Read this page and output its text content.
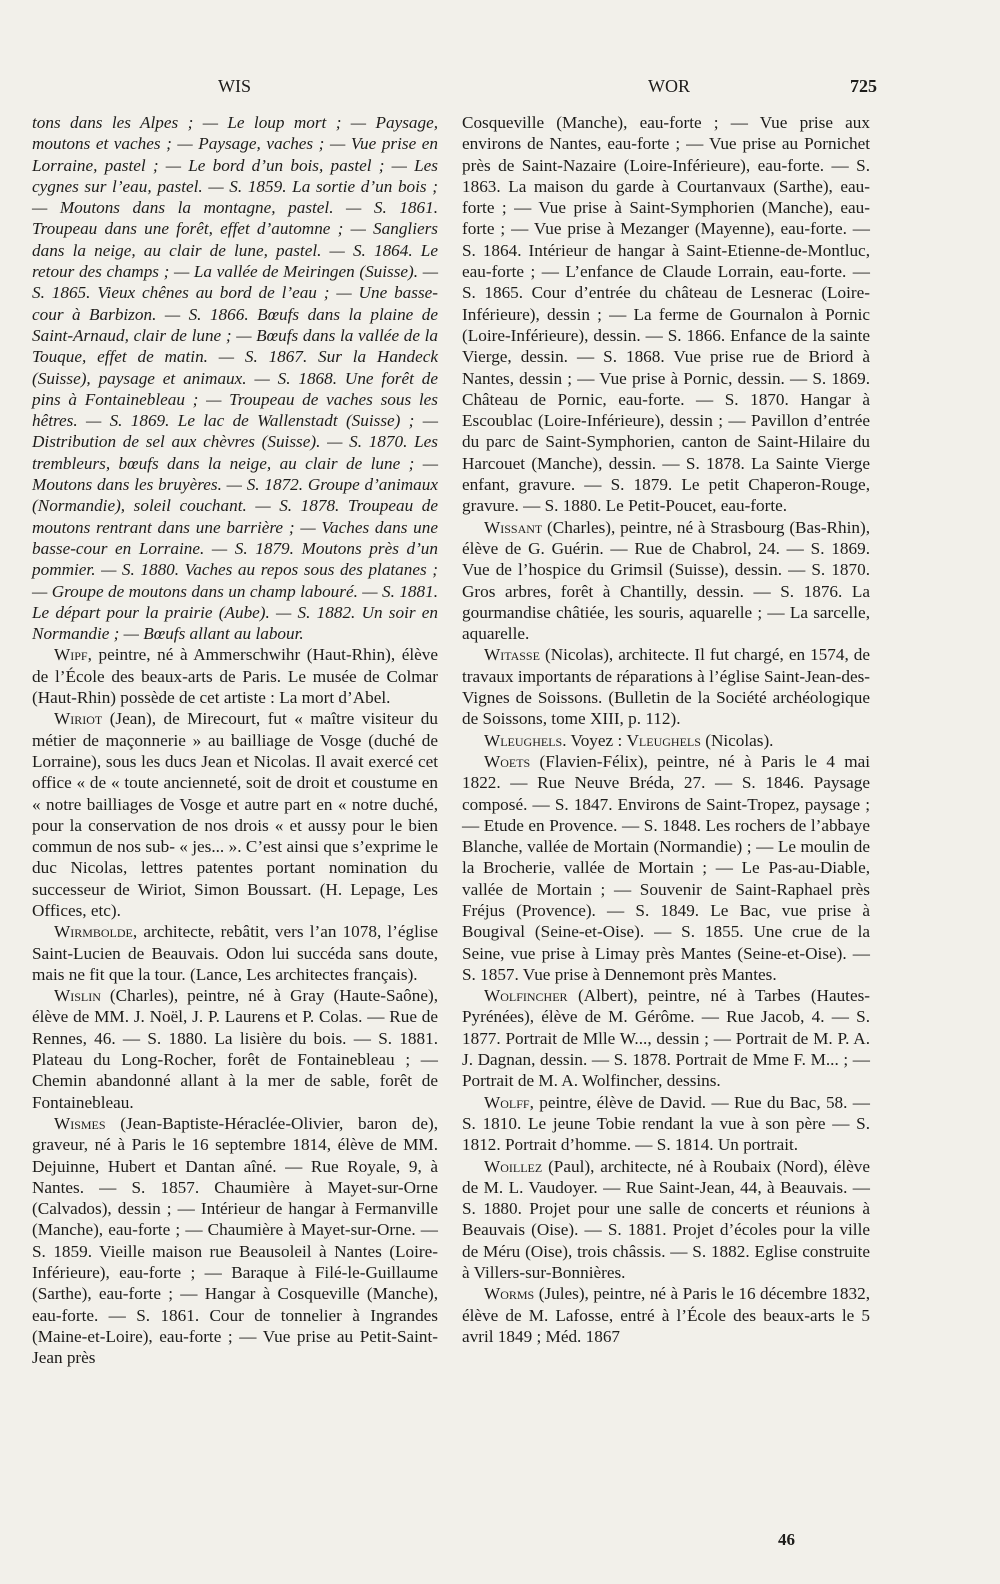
WIS	WOR	725

tons dans les Alpes ; — Le loup mort ; — Paysage, moutons et vaches ; — Paysage, vaches ; — Vue prise en Lorraine, pastel ; — Le bord d’un bois, pastel ; — Les cygnes sur l’eau, pastel. — S. 1859. La sortie d’un bois ; — Moutons dans la montagne, pastel. — S. 1861. Troupeau dans une forêt, effet d’automne ; — Sangliers dans la neige, au clair de lune, pastel. — S. 1864. Le retour des champs ; — La vallée de Meiringen (Suisse). — S. 1865. Vieux chênes au bord de l’eau ; — Une basse-cour à Barbizon. — S. 1866. Bœufs dans la plaine de Saint-Arnaud, clair de lune ; — Bœufs dans la vallée de la Touque, effet de matin. — S. 1867. Sur la Handeck (Suisse), paysage et animaux. — S. 1868. Une forêt de pins à Fontainebleau ; — Troupeau de vaches sous les hêtres. — S. 1869. Le lac de Wallenstadt (Suisse) ; — Distribution de sel aux chèvres (Suisse). — S. 1870. Les trembleurs, bœufs dans la neige, au clair de lune ; — Moutons dans les bruyères. — S. 1872. Groupe d’animaux (Normandie), soleil couchant. — S. 1878. Troupeau de moutons rentrant dans une barrière ; — Vaches dans une basse-cour en Lorraine. — S. 1879. Moutons près d’un pommier. — S. 1880. Vaches au repos sous des platanes ; — Groupe de moutons dans un champ labouré. — S. 1881. Le départ pour la prairie (Aube). — S. 1882. Un soir en Normandie ; — Bœufs allant au labour.

Wipf, peintre, né à Ammerschwihr (Haut-Rhin), élève de l’École des beaux-arts de Paris. Le musée de Colmar (Haut-Rhin) possède de cet artiste : La mort d’Abel.

Wiriot (Jean), de Mirecourt, fut « maître visiteur du métier de maçonnerie » au bailliage de Vosge (duché de Lorraine), sous les ducs Jean et Nicolas. Il avait exercé cet office « de « toute ancienneté, soit de droit et coustume en « notre bailliages de Vosge et autre part en « notre duché, pour la conservation de nos drois « et aussy pour le bien commun de nos sub- « jes... ». C’est ainsi que s’exprime le duc Nicolas, lettres patentes portant nomination du successeur de Wiriot, Simon Boussart. (H. Lepage, Les Offices, etc).

Wirmbolde, architecte, rebâtit, vers l’an 1078, l’église Saint-Lucien de Beauvais. Odon lui succéda sans doute, mais ne fit que la tour. (Lance, Les architectes français).

Wislin (Charles), peintre, né à Gray (Haute-Saône), élève de MM. J. Noël, J. P. Laurens et P. Colas. — Rue de Rennes, 46. — S. 1880. La lisière du bois. — S. 1881. Plateau du Long-Rocher, forêt de Fontainebleau ; — Chemin abandonné allant à la mer de sable, forêt de Fontainebleau.

Wismes (Jean-Baptiste-Héraclée-Olivier, baron de), graveur, né à Paris le 16 septembre 1814, élève de MM. Dejuinne, Hubert et Dantan aîné. — Rue Royale, 9, à Nantes. — S. 1857. Chaumière à Mayet-sur-Orne (Calvados), dessin ; — Intérieur de hangar à Fermanville (Manche), eau-forte ; — Chaumière à Mayet-sur-Orne. — S. 1859. Vieille maison rue Beausoleil à Nantes (Loire-Inférieure), eau-forte ; — Baraque à Filé-le-Guillaume (Sarthe), eau-forte ; — Hangar à Cosqueville (Manche), eau-forte. — S. 1861. Cour de tonnelier à Ingrandes (Maine-et-Loire), eau-forte ; — Vue prise au Petit-Saint-Jean près

Cosqueville (Manche), eau-forte ; — Vue prise aux environs de Nantes, eau-forte ; — Vue prise au Pornichet près de Saint-Nazaire (Loire-Inférieure), eau-forte. — S. 1863. La maison du garde à Courtanvaux (Sarthe), eau-forte ; — Vue prise à Saint-Symphorien (Manche), eau-forte ; — Vue prise à Mezanger (Mayenne), eau-forte. — S. 1864. Intérieur de hangar à Saint-Etienne-de-Montluc, eau-forte ; — L’enfance de Claude Lorrain, eau-forte. — S. 1865. Cour d’entrée du château de Lesnerac (Loire-Inférieure), dessin ; — La ferme de Gournalon à Pornic (Loire-Inférieure), dessin. — S. 1866. Enfance de la sainte Vierge, dessin. — S. 1868. Vue prise rue de Briord à Nantes, dessin ; — Vue prise à Pornic, dessin. — S. 1869. Château de Pornic, eau-forte. — S. 1870. Hangar à Escoublac (Loire-Inférieure), dessin ; — Pavillon d’entrée du parc de Saint-Symphorien, canton de Saint-Hilaire du Harcouet (Manche), dessin. — S. 1878. La Sainte Vierge enfant, gravure. — S. 1879. Le petit Chaperon-Rouge, gravure. — S. 1880. Le Petit-Poucet, eau-forte.

Wissant (Charles), peintre, né à Strasbourg (Bas-Rhin), élève de G. Guérin. — Rue de Chabrol, 24. — S. 1869. Vue de l’hospice du Grimsil (Suisse), dessin. — S. 1870. Gros arbres, forêt à Chantilly, dessin. — S. 1876. La gourmandise châtiée, les souris, aquarelle ; — La sarcelle, aquarelle.

Witasse (Nicolas), architecte. Il fut chargé, en 1574, de travaux importants de réparations à l’église Saint-Jean-des-Vignes de Soissons. (Bulletin de la Société archéologique de Soissons, tome XIII, p. 112).

Wleughels. Voyez : Vleughels (Nicolas).

Woets (Flavien-Félix), peintre, né à Paris le 4 mai 1822. — Rue Neuve Bréda, 27. — S. 1846. Paysage composé. — S. 1847. Environs de Saint-Tropez, paysage ; — Etude en Provence. — S. 1848. Les rochers de l’abbaye Blanche, vallée de Mortain (Normandie) ; — Le moulin de la Brocherie, vallée de Mortain ; — Le Pas-au-Diable, vallée de Mortain ; — Souvenir de Saint-Raphael près Fréjus (Provence). — S. 1849. Le Bac, vue prise à Bougival (Seine-et-Oise). — S. 1855. Une crue de la Seine, vue prise à Limay près Mantes (Seine-et-Oise). — S. 1857. Vue prise à Dennemont près Mantes.

Wolfincher (Albert), peintre, né à Tarbes (Hautes-Pyrénées), élève de M. Gérôme. — Rue Jacob, 4. — S. 1877. Portrait de Mlle W..., dessin ; — Portrait de M. P. A. J. Dagnan, dessin. — S. 1878. Portrait de Mme F. M... ; — Portrait de M. A. Wolfincher, dessins.

Wolff, peintre, élève de David. — Rue du Bac, 58. — S. 1810. Le jeune Tobie rendant la vue à son père — S. 1812. Portrait d’homme. — S. 1814. Un portrait.

Woillez (Paul), architecte, né à Roubaix (Nord), élève de M. L. Vaudoyer. — Rue Saint-Jean, 44, à Beauvais. — S. 1880. Projet pour une salle de concerts et réunions à Beauvais (Oise). — S. 1881. Projet d’écoles pour la ville de Méru (Oise), trois châssis. — S. 1882. Eglise construite à Villers-sur-Bonnières.

Worms (Jules), peintre, né à Paris le 16 décembre 1832, élève de M. Lafosse, entré à l’École des beaux-arts le 5 avril 1849 ; Méd. 1867

46
